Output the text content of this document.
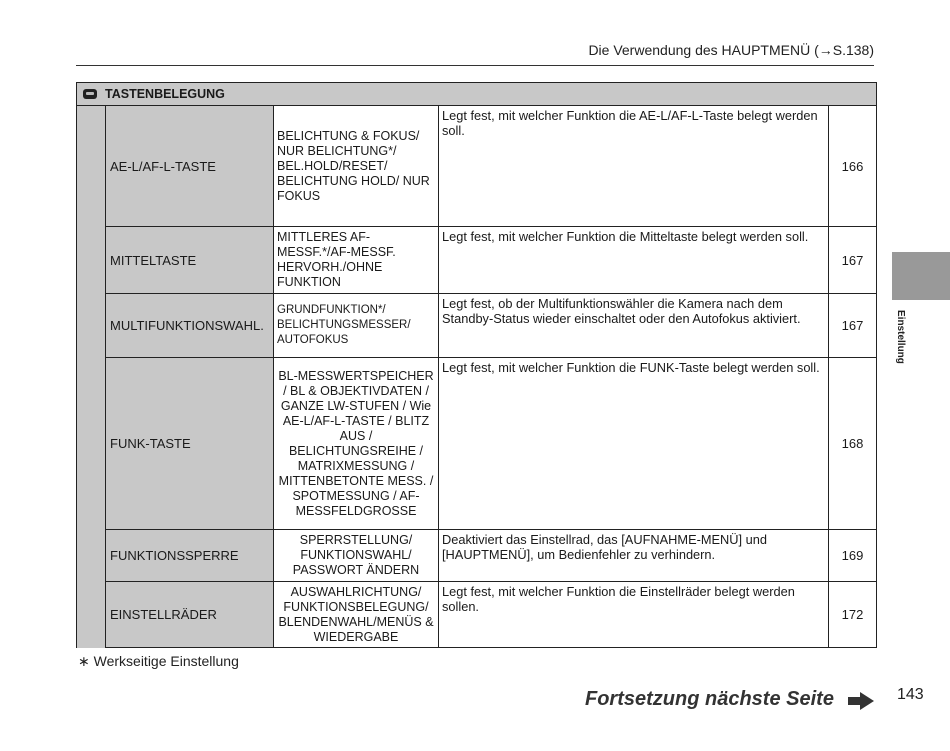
Die Verwendung des HAUPTMENÜ (→S.138)
TASTENBELEGUNG				
	AE-L/AF-L-TASTE	BELICHTUNG & FOKUS/ NUR BELICHTUNG*/ BEL.HOLD/RESET/ BELICHTUNG HOLD/ NUR FOKUS	Legt fest, mit welcher Funktion die AE-L/AF-L-Taste belegt werden soll.	166
	MITTELTASTE	MITTLERES AF-MESSF.*/AF-MESSF. HERVORH./OHNE FUNKTION	Legt fest, mit welcher Funktion die Mitteltaste belegt werden soll.	167
	MULTIFUNKTIONSWAHL.	GRUNDFUNKTION*/ BELICHTUNGSMESSER/ AUTOFOKUS	Legt fest, ob der Multifunktionswähler die Kamera nach dem Standby-Status wieder einschaltet oder den Autofokus aktiviert.	167
	FUNK-TASTE	BL-MESSWERTSPEICHER / BL & OBJEKTIVDATEN / GANZE LW-STUFEN / Wie AE-L/AF-L-TASTE / BLITZ AUS / BELICHTUNGSREIHE / MATRIXMESSUNG / MITTENBETONTE MESS. / SPOTMESSUNG / AF-MESSFELDGROSSE	Legt fest, mit welcher Funktion die FUNK-Taste belegt werden soll.	168
	FUNKTIONSSPERRE	SPERRSTELLUNG/ FUNKTIONSWAHL/ PASSWORT ÄNDERN	Deaktiviert das Einstellrad, das [AUFNAHME-MENÜ] und [HAUPTMENÜ], um Bedienfehler zu verhindern.	169
	EINSTELLRÄDER	AUSWAHLRICHTUNG/ FUNKTIONSBELEGUNG/ BLENDENWAHL/MENÜS & WIEDERGABE	Legt fest, mit welcher Funktion die Einstellräder belegt werden sollen.	172
∗ Werkseitige Einstellung
Fortsetzung nächste Seite	143
Einstellung
